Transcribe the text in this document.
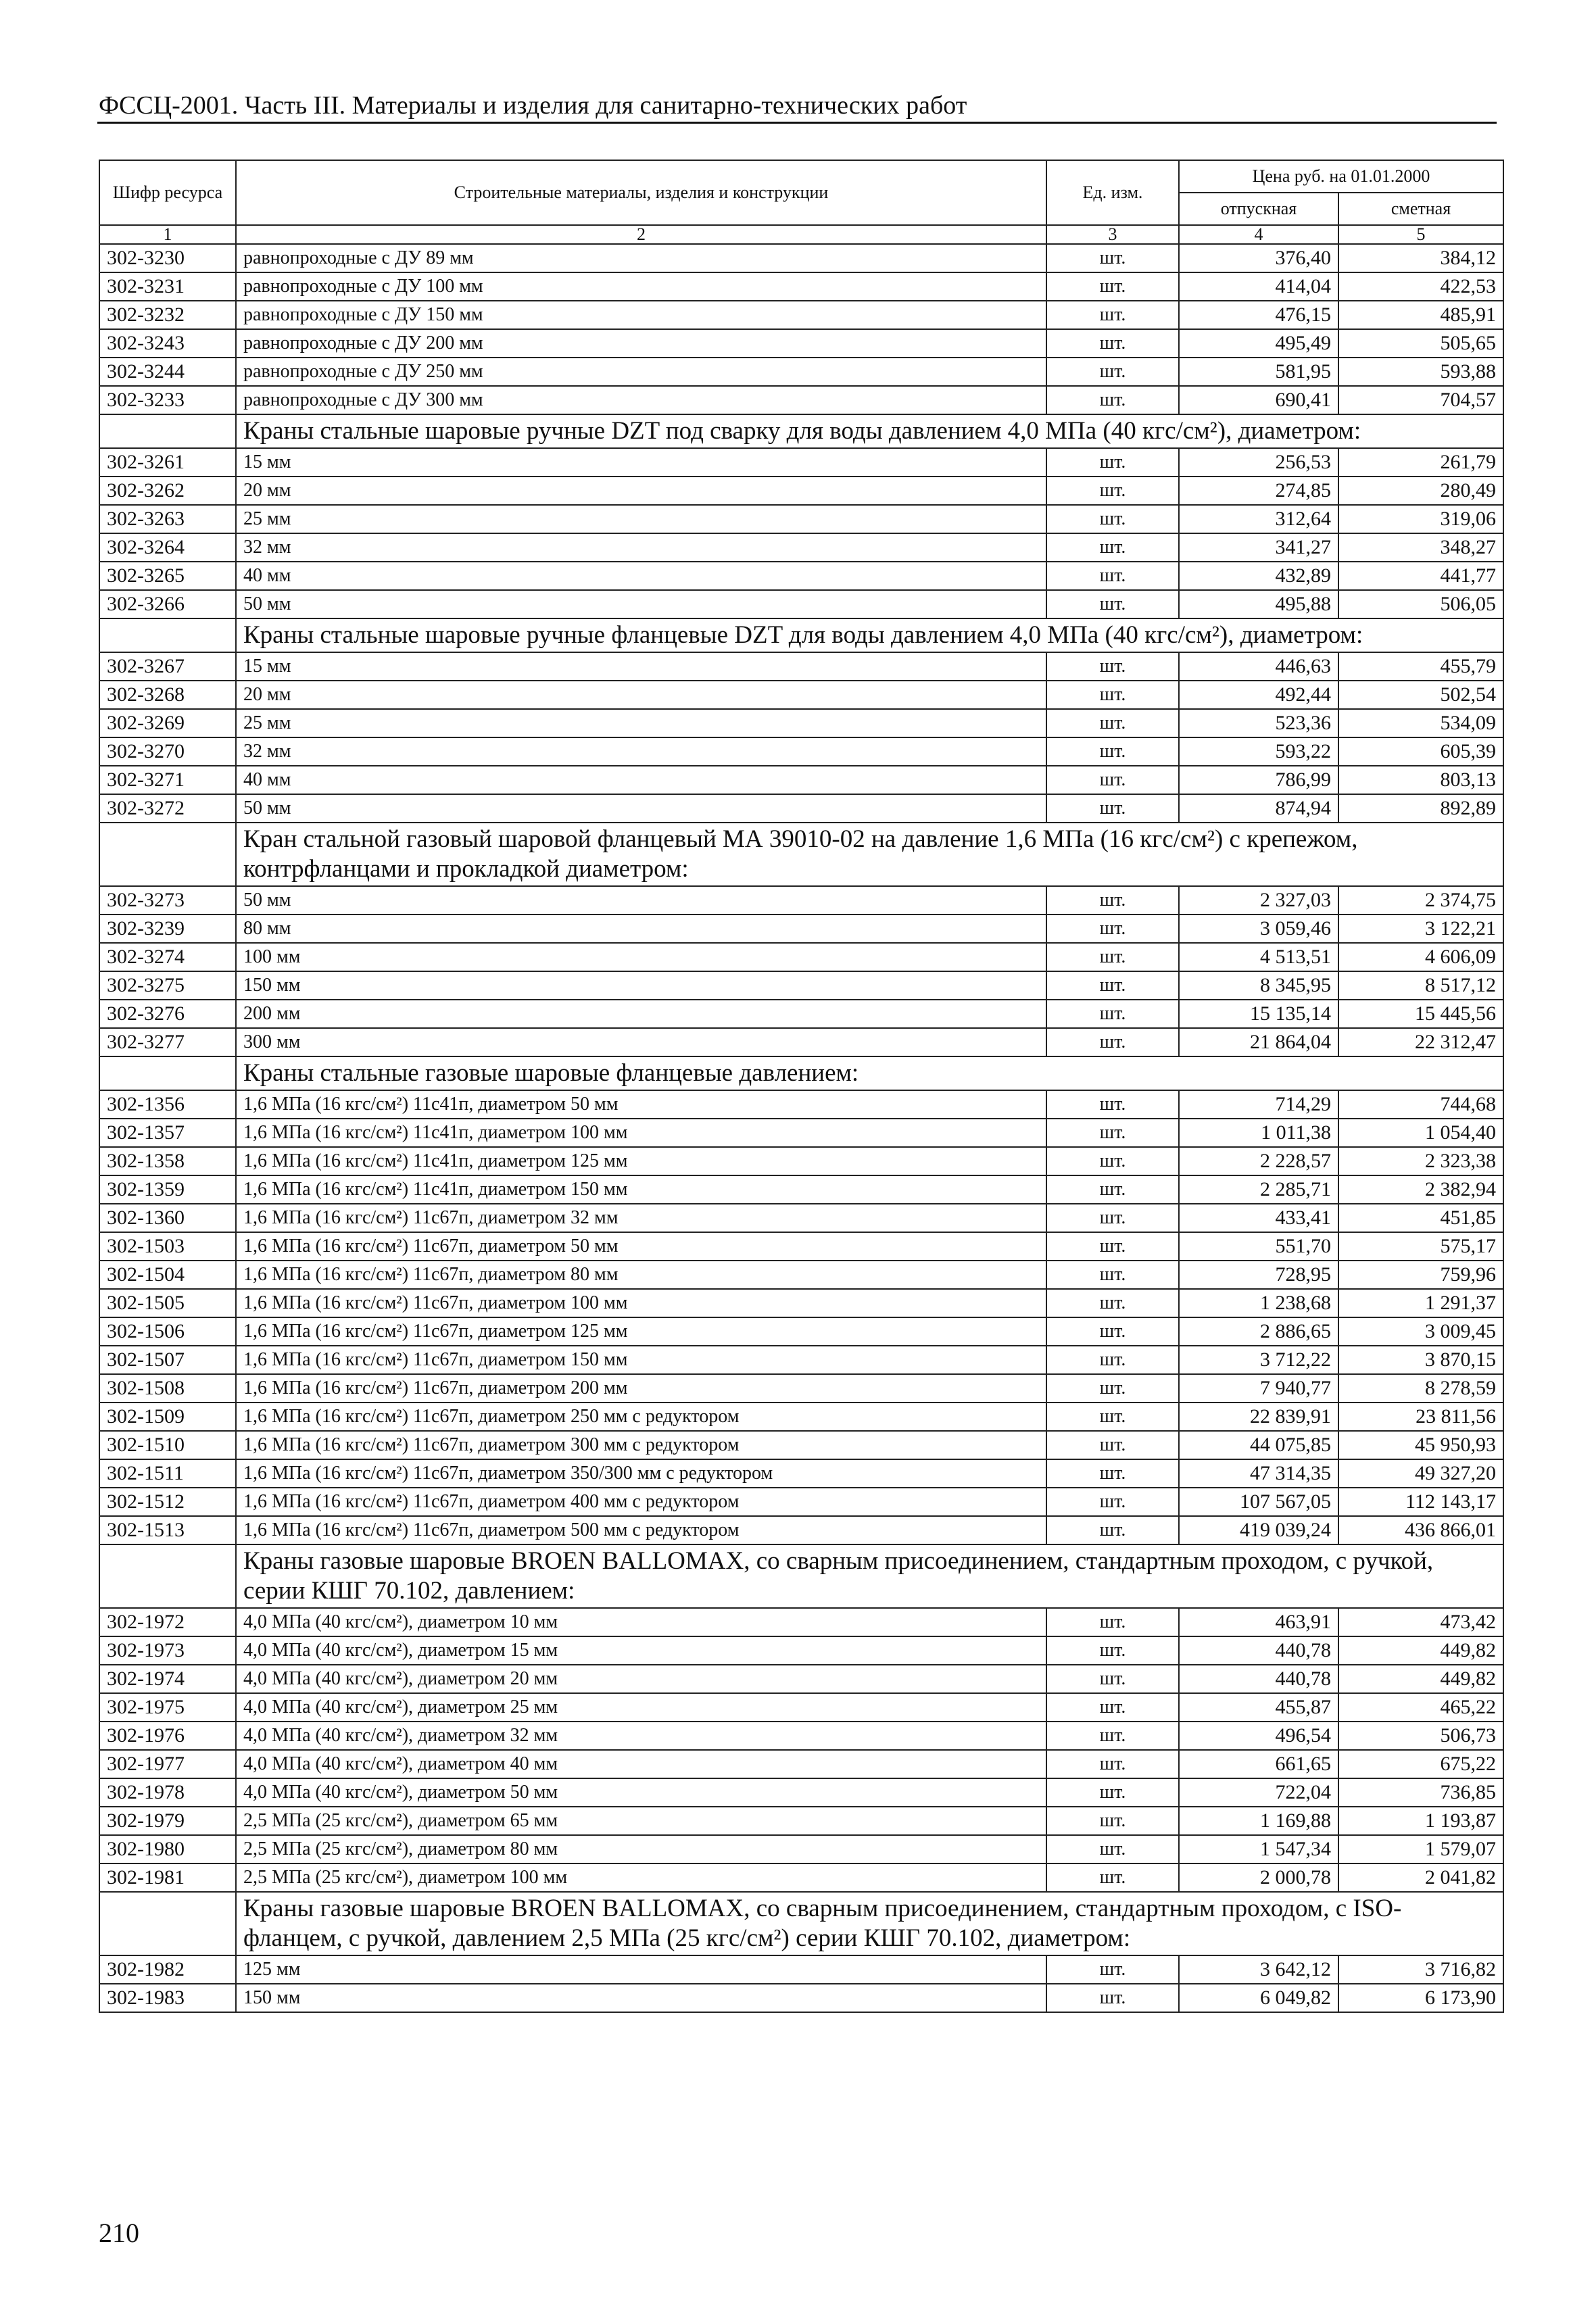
ФССЦ-2001. Часть III. Материалы и изделия для санитарно-технических работ
Шифр ресурса	Строительные материалы, изделия и конструкции	Ед. изм.	Цена руб. на 01.01.2000	
			отпускная	сметная
1	2	3	4	5
302-3230	равнопроходные с ДУ 89 мм	шт.	376,40	384,12
302-3231	равнопроходные с ДУ 100 мм	шт.	414,04	422,53
302-3232	равнопроходные с ДУ 150 мм	шт.	476,15	485,91
302-3243	равнопроходные с ДУ 200 мм	шт.	495,49	505,65
302-3244	равнопроходные с ДУ 250 мм	шт.	581,95	593,88
302-3233	равнопроходные с ДУ 300 мм	шт.	690,41	704,57
	Краны стальные шаровые ручные DZT под сварку для воды давлением 4,0 МПа (40 кгс/см²), диаметром:			
302-3261	15 мм	шт.	256,53	261,79
302-3262	20 мм	шт.	274,85	280,49
302-3263	25 мм	шт.	312,64	319,06
302-3264	32 мм	шт.	341,27	348,27
302-3265	40 мм	шт.	432,89	441,77
302-3266	50 мм	шт.	495,88	506,05
	Краны стальные шаровые ручные фланцевые DZT для воды давлением 4,0 МПа (40 кгс/см²), диаметром:			
302-3267	15 мм	шт.	446,63	455,79
302-3268	20 мм	шт.	492,44	502,54
302-3269	25 мм	шт.	523,36	534,09
302-3270	32 мм	шт.	593,22	605,39
302-3271	40 мм	шт.	786,99	803,13
302-3272	50 мм	шт.	874,94	892,89
	Кран стальной газовый шаровой фланцевый МА 39010-02 на давление 1,6 МПа (16 кгс/см²) с крепежом, контрфланцами и прокладкой диаметром:			
302-3273	50 мм	шт.	2 327,03	2 374,75
302-3239	80 мм	шт.	3 059,46	3 122,21
302-3274	100 мм	шт.	4 513,51	4 606,09
302-3275	150 мм	шт.	8 345,95	8 517,12
302-3276	200 мм	шт.	15 135,14	15 445,56
302-3277	300 мм	шт.	21 864,04	22 312,47
	Краны стальные газовые шаровые фланцевые давлением:			
302-1356	1,6 МПа (16 кгс/см²) 11с41п, диаметром 50 мм	шт.	714,29	744,68
302-1357	1,6 МПа (16 кгс/см²) 11с41п, диаметром 100 мм	шт.	1 011,38	1 054,40
302-1358	1,6 МПа (16 кгс/см²) 11с41п, диаметром 125 мм	шт.	2 228,57	2 323,38
302-1359	1,6 МПа (16 кгс/см²) 11с41п, диаметром 150 мм	шт.	2 285,71	2 382,94
302-1360	1,6 МПа (16 кгс/см²) 11с67п, диаметром 32 мм	шт.	433,41	451,85
302-1503	1,6 МПа (16 кгс/см²) 11с67п, диаметром 50 мм	шт.	551,70	575,17
302-1504	1,6 МПа (16 кгс/см²) 11с67п, диаметром 80 мм	шт.	728,95	759,96
302-1505	1,6 МПа (16 кгс/см²) 11с67п, диаметром 100 мм	шт.	1 238,68	1 291,37
302-1506	1,6 МПа (16 кгс/см²) 11с67п, диаметром 125 мм	шт.	2 886,65	3 009,45
302-1507	1,6 МПа (16 кгс/см²) 11с67п, диаметром 150 мм	шт.	3 712,22	3 870,15
302-1508	1,6 МПа (16 кгс/см²) 11с67п, диаметром 200 мм	шт.	7 940,77	8 278,59
302-1509	1,6 МПа (16 кгс/см²) 11с67п, диаметром 250 мм с редуктором	шт.	22 839,91	23 811,56
302-1510	1,6 МПа (16 кгс/см²) 11с67п, диаметром 300 мм с редуктором	шт.	44 075,85	45 950,93
302-1511	1,6 МПа (16 кгс/см²) 11с67п, диаметром 350/300 мм с редуктором	шт.	47 314,35	49 327,20
302-1512	1,6 МПа (16 кгс/см²) 11с67п, диаметром 400 мм с редуктором	шт.	107 567,05	112 143,17
302-1513	1,6 МПа (16 кгс/см²) 11с67п, диаметром 500 мм с редуктором	шт.	419 039,24	436 866,01
	Краны газовые шаровые BROEN BALLOMAX, со сварным присоединением, стандартным проходом, с ручкой, серии КШГ 70.102, давлением:			
302-1972	4,0 МПа (40 кгс/см²), диаметром 10 мм	шт.	463,91	473,42
302-1973	4,0 МПа (40 кгс/см²), диаметром 15 мм	шт.	440,78	449,82
302-1974	4,0 МПа (40 кгс/см²), диаметром 20 мм	шт.	440,78	449,82
302-1975	4,0 МПа (40 кгс/см²), диаметром 25 мм	шт.	455,87	465,22
302-1976	4,0 МПа (40 кгс/см²), диаметром 32 мм	шт.	496,54	506,73
302-1977	4,0 МПа (40 кгс/см²), диаметром 40 мм	шт.	661,65	675,22
302-1978	4,0 МПа (40 кгс/см²), диаметром 50 мм	шт.	722,04	736,85
302-1979	2,5 МПа (25 кгс/см²), диаметром 65 мм	шт.	1 169,88	1 193,87
302-1980	2,5 МПа (25 кгс/см²), диаметром 80 мм	шт.	1 547,34	1 579,07
302-1981	2,5 МПа (25 кгс/см²), диаметром 100 мм	шт.	2 000,78	2 041,82
	Краны газовые шаровые BROEN BALLOMAX, со сварным присоединением, стандартным проходом, с ISO-фланцем, с ручкой, давлением 2,5 МПа (25 кгс/см²) серии КШГ 70.102, диаметром:			
302-1982	125 мм	шт.	3 642,12	3 716,82
302-1983	150 мм	шт.	6 049,82	6 173,90
210
